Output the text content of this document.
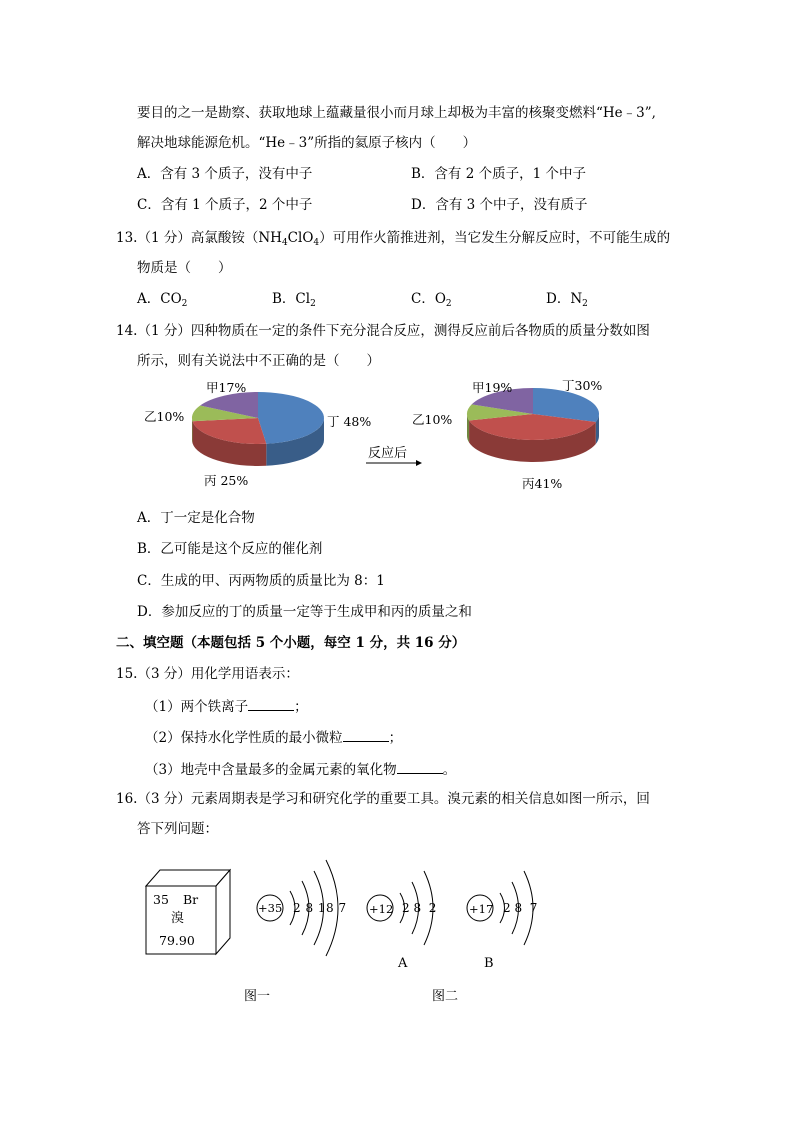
要目的之一是勘察、获取地球上蕴藏量很小而月球上却极为丰富的核聚变燃料“He﹣3”,
解决地球能源危机。“He﹣3”所指的氦原子核内（　　）
A．含有 3 个质子，没有中子	B．含有 2 个质子，1 个中子
C．含有 1 个质子，2 个中子	D．含有 3 个中子，没有质子
13.（1 分）高氯酸铵$(NH_4ClO_4)$可用作火箭推进剂，当它发生分解反应时，不可能生成的
物质是（　　）
A．$CO_2$	B．$Cl_2$	C．$O_2$	D．$N_2$
14.（1 分）四种物质在一定的条件下充分混合反应，测得反应前后各物质的质量分数如图
所示，则有关说法中不正确的是（　　）
甲17%
乙10%
丙 25%
丁 48%
甲19%
乙10%
丙41%
丁30%
反应后
A．丁一定是化合物
B．乙可能是这个反应的催化剂
C．生成的甲、丙两物质的质量比为 8：1
D．参加反应的丁的质量一定等于生成甲和丙的质量之和
二、填空题（本题包括 5 个小题，每空 1 分，共 16 分）
15.（3 分）用化学用语表示：
（1）两个铁离子	；
（2）保持水化学性质的最小微粒	；
（3）地壳中含量最多的金属元素的氧化物	。
16.（3 分）元素周期表是学习和研究化学的重要工具。溴元素的相关信息如图一所示，回
答下列问题：
35 Br
溴
79.90
+35 2 8 18 7 +12 2 8  2
A
+17 2 8  7
B
图一	图二
